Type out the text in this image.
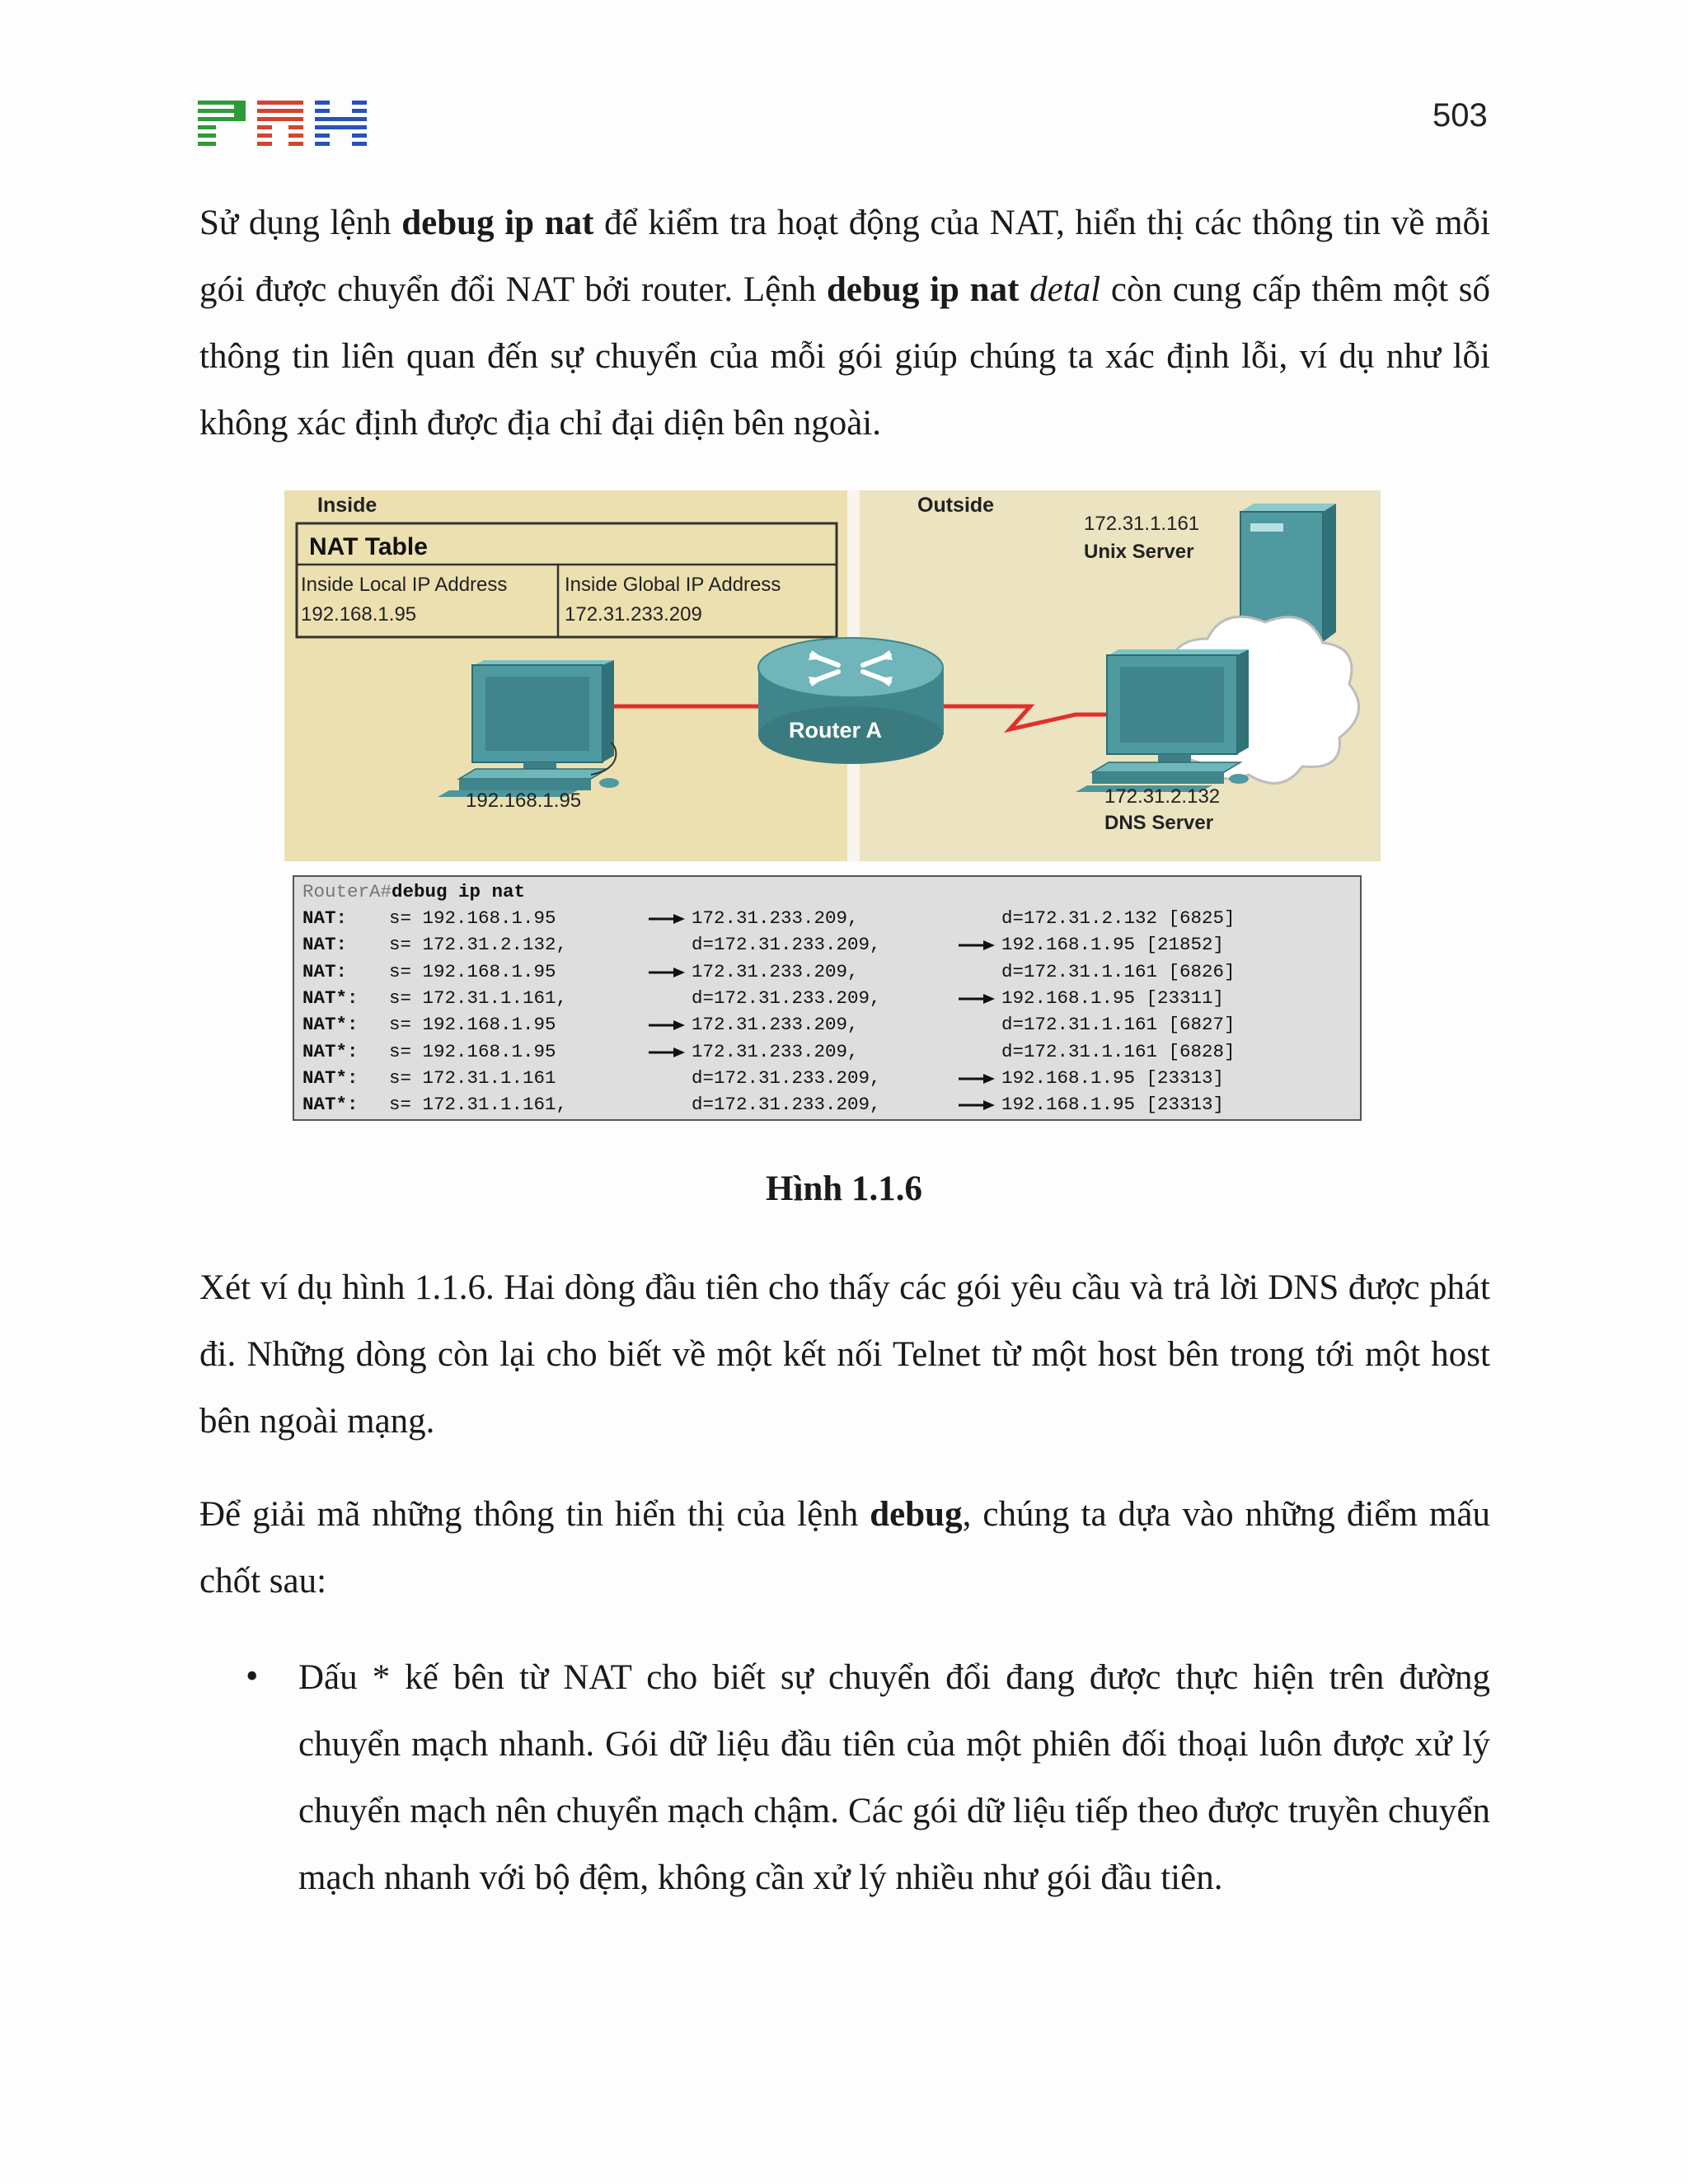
503
Sử dụng lệnh debug ip nat để kiểm tra hoạt động của NAT, hiển thị các thông tin về mỗi gói được chuyển đổi NAT bởi router. Lệnh debug ip nat detal còn cung cấp thêm một số thông tin liên quan đến sự chuyển của mỗi gói giúp chúng ta xác định lỗi, ví dụ như lỗi không xác định được địa chỉ đại diện bên ngoài.
Inside	Outside
NAT Table
Inside Local IP Address	Inside Global IP Address
192.168.1.95	172.31.233.209
192.168.1.95
Router A
172.31.1.161
Unix Server
172.31.2.132
DNS Server
RouterA#debug ip nat
NAT: s= 192.168.1.95	172.31.233.209,	d=172.31.2.132 [6825]
NAT: s= 172.31.2.132,	d=172.31.233.209,	192.168.1.95 [21852]
NAT: s= 192.168.1.95	172.31.233.209,	d=172.31.1.161 [6826]
NAT*: s= 172.31.1.161,	d=172.31.233.209,	192.168.1.95 [23311]
NAT*: s= 192.168.1.95	172.31.233.209,	d=172.31.1.161 [6827]
NAT*: s= 192.168.1.95	172.31.233.209,	d=172.31.1.161 [6828]
NAT*: s= 172.31.1.161	d=172.31.233.209,	192.168.1.95 [23313]
NAT*: s= 172.31.1.161,	d=172.31.233.209,	192.168.1.95 [23313]
Hình 1.1.6
Xét ví dụ hình 1.1.6. Hai dòng đầu tiên cho thấy các gói yêu cầu và trả lời DNS được phát đi. Những dòng còn lại cho biết về một kết nối Telnet từ một host bên trong tới một host bên ngoài mạng.
Để giải mã những thông tin hiển thị của lệnh debug, chúng ta dựa vào những điểm mấu chốt sau:
• Dấu * kế bên từ NAT cho biết sự chuyển đổi đang được thực hiện trên đường chuyển mạch nhanh. Gói dữ liệu đầu tiên của một phiên đối thoại luôn được xử lý chuyển mạch nên chuyển mạch chậm. Các gói dữ liệu tiếp theo được truyền chuyển mạch nhanh với bộ đệm, không cần xử lý nhiều như gói đầu tiên.
